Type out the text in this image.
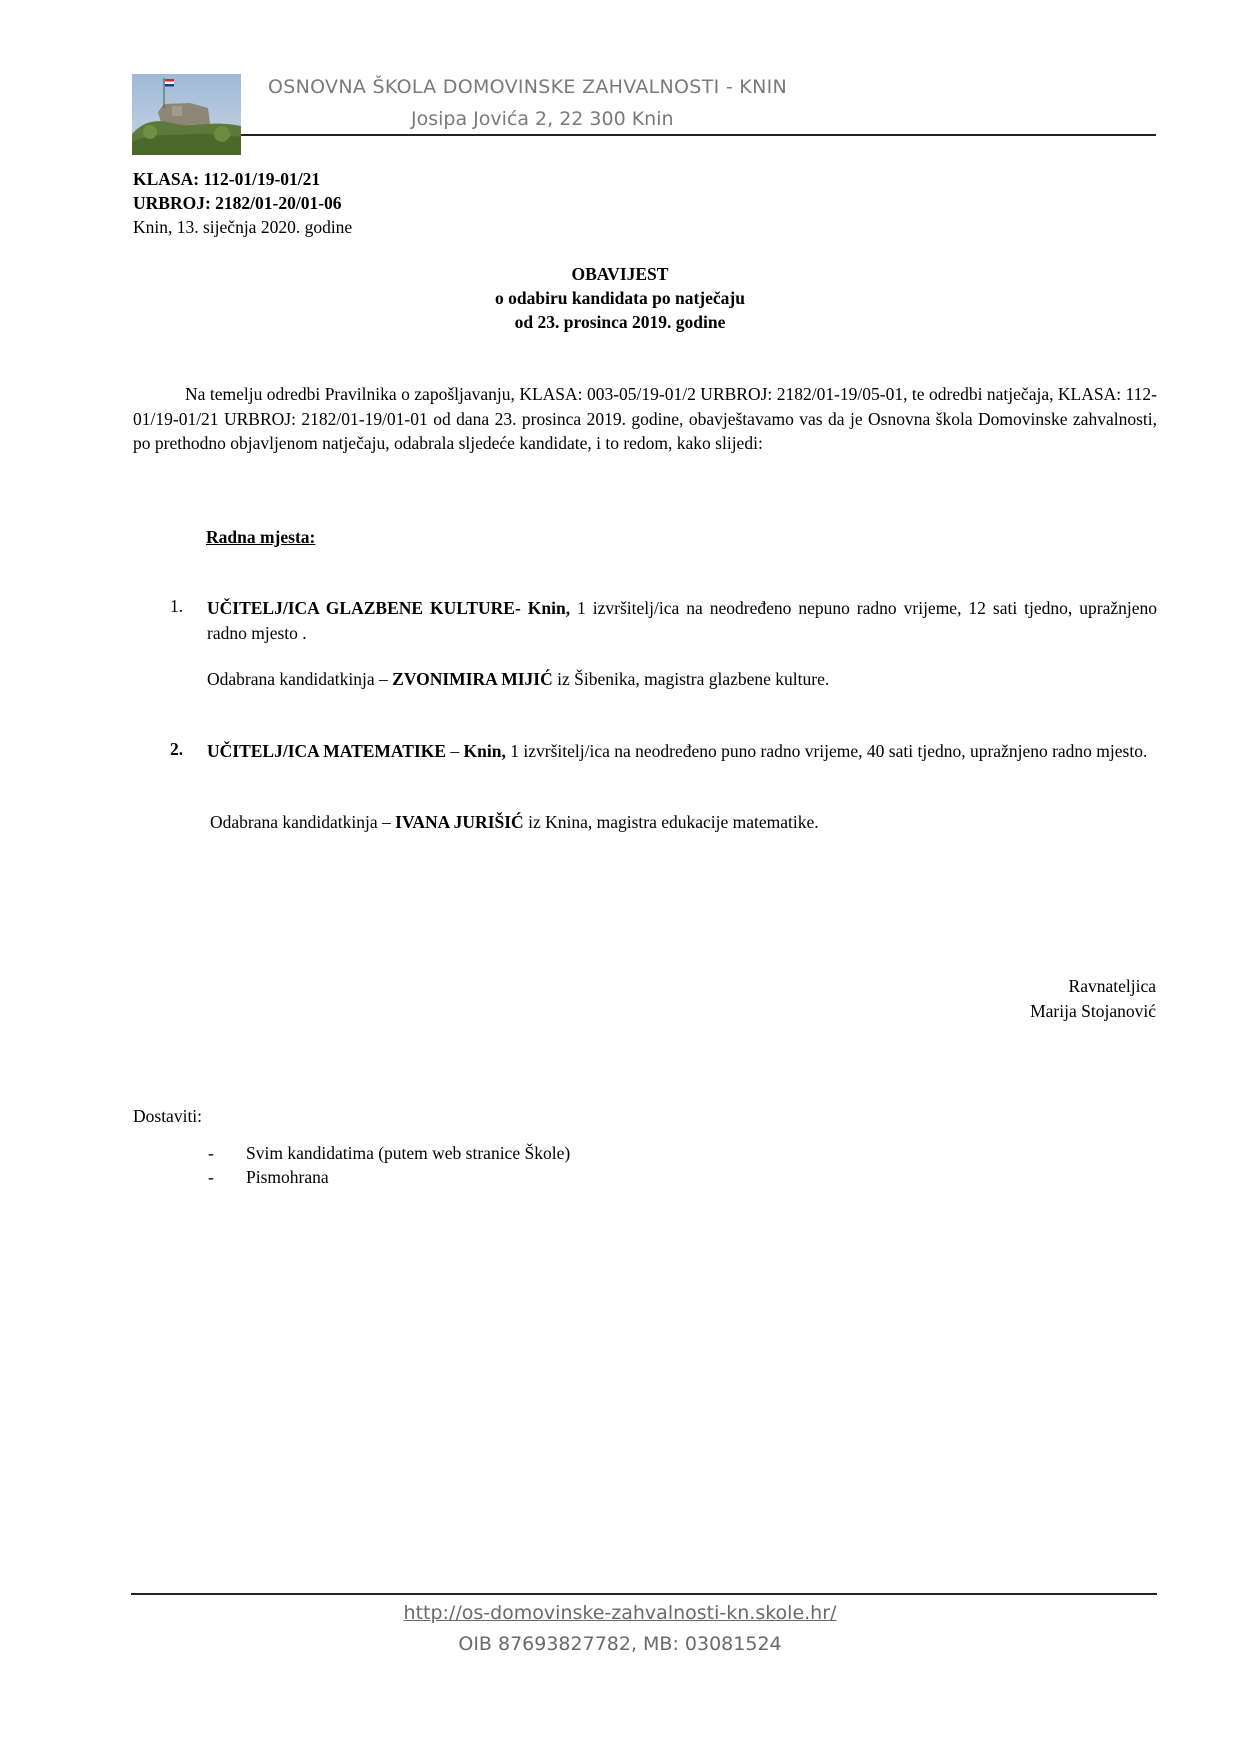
OSNOVNA ŠKOLA DOMOVINSKE ZAHVALNOSTI - KNIN
Josipa Jovića 2, 22 300 Knin
KLASA: 112-01/19-01/21
URBROJ: 2182/01-20/01-06
Knin, 13. siječnja 2020. godine
OBAVIJEST
o odabiru kandidata po natječaju
od 23. prosinca 2019. godine

Na temelju odredbi Pravilnika o zapošljavanju, KLASA: 003-05/19-01/2 URBROJ: 2182/01-19/05-01, te odredbi natječaja, KLASA: 112-01/19-01/21 URBROJ: 2182/01-19/01-01 od dana 23. prosinca 2019. godine, obavještavamo vas da je Osnovna škola Domovinske zahvalnosti, po prethodno objavljenom natječaju, odabrala sljedeće kandidate, i to redom, kako slijedi:

Radna mjesta:
1. UČITELJ/ICA GLAZBENE KULTURE- Knin, 1 izvršitelj/ica na neodređeno nepuno radno vrijeme, 12 sati tjedno, upražnjeno radno mjesto .

Odabrana kandidatkinja – ZVONIMIRA MIJIĆ iz Šibenika, magistra glazbene kulture.

2. UČITELJ/ICA MATEMATIKE – Knin, 1 izvršitelj/ica na neodređeno puno radno vrijeme, 40 sati tjedno, upražnjeno radno mjesto.

Odabrana kandidatkinja – IVANA JURIŠIĆ iz Knina, magistra edukacije matematike.

Ravnateljica
Marija Stojanović
Dostaviti:
- Svim kandidatima (putem web stranice Škole)
- Pismohrana
http://os-domovinske-zahvalnosti-kn.skole.hr/
OIB 87693827782, MB: 03081524
